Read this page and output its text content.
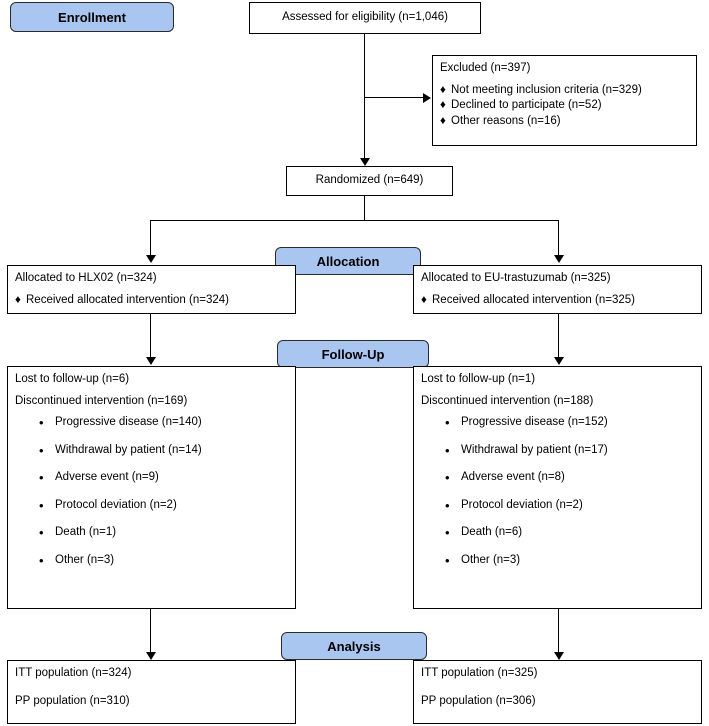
Enrollment	Assessed for eligibility (n=1,046)
Excluded (n=397)
♦ Not meeting inclusion criteria (n=329)
♦ Declined to participate (n=52)
♦ Other reasons (n=16)
Randomized (n=649)
Allocation
Allocated to HLX02 (n=324)
♦ Received allocated intervention (n=324)
Allocated to EU-trastuzumab (n=325)
♦ Received allocated intervention (n=325)
Follow-Up
Lost to follow-up (n=6)
Discontinued intervention (n=169)
• Progressive disease (n=140)
• Withdrawal by patient (n=14)
• Adverse event (n=9)
• Protocol deviation (n=2)
• Death (n=1)
• Other (n=3)
Lost to follow-up (n=1)
Discontinued intervention (n=188)
• Progressive disease (n=152)
• Withdrawal by patient (n=17)
• Adverse event (n=8)
• Protocol deviation (n=2)
• Death (n=6)
• Other (n=3)
Analysis
ITT population (n=324)
PP population (n=310)
ITT population (n=325)
PP population (n=306)
